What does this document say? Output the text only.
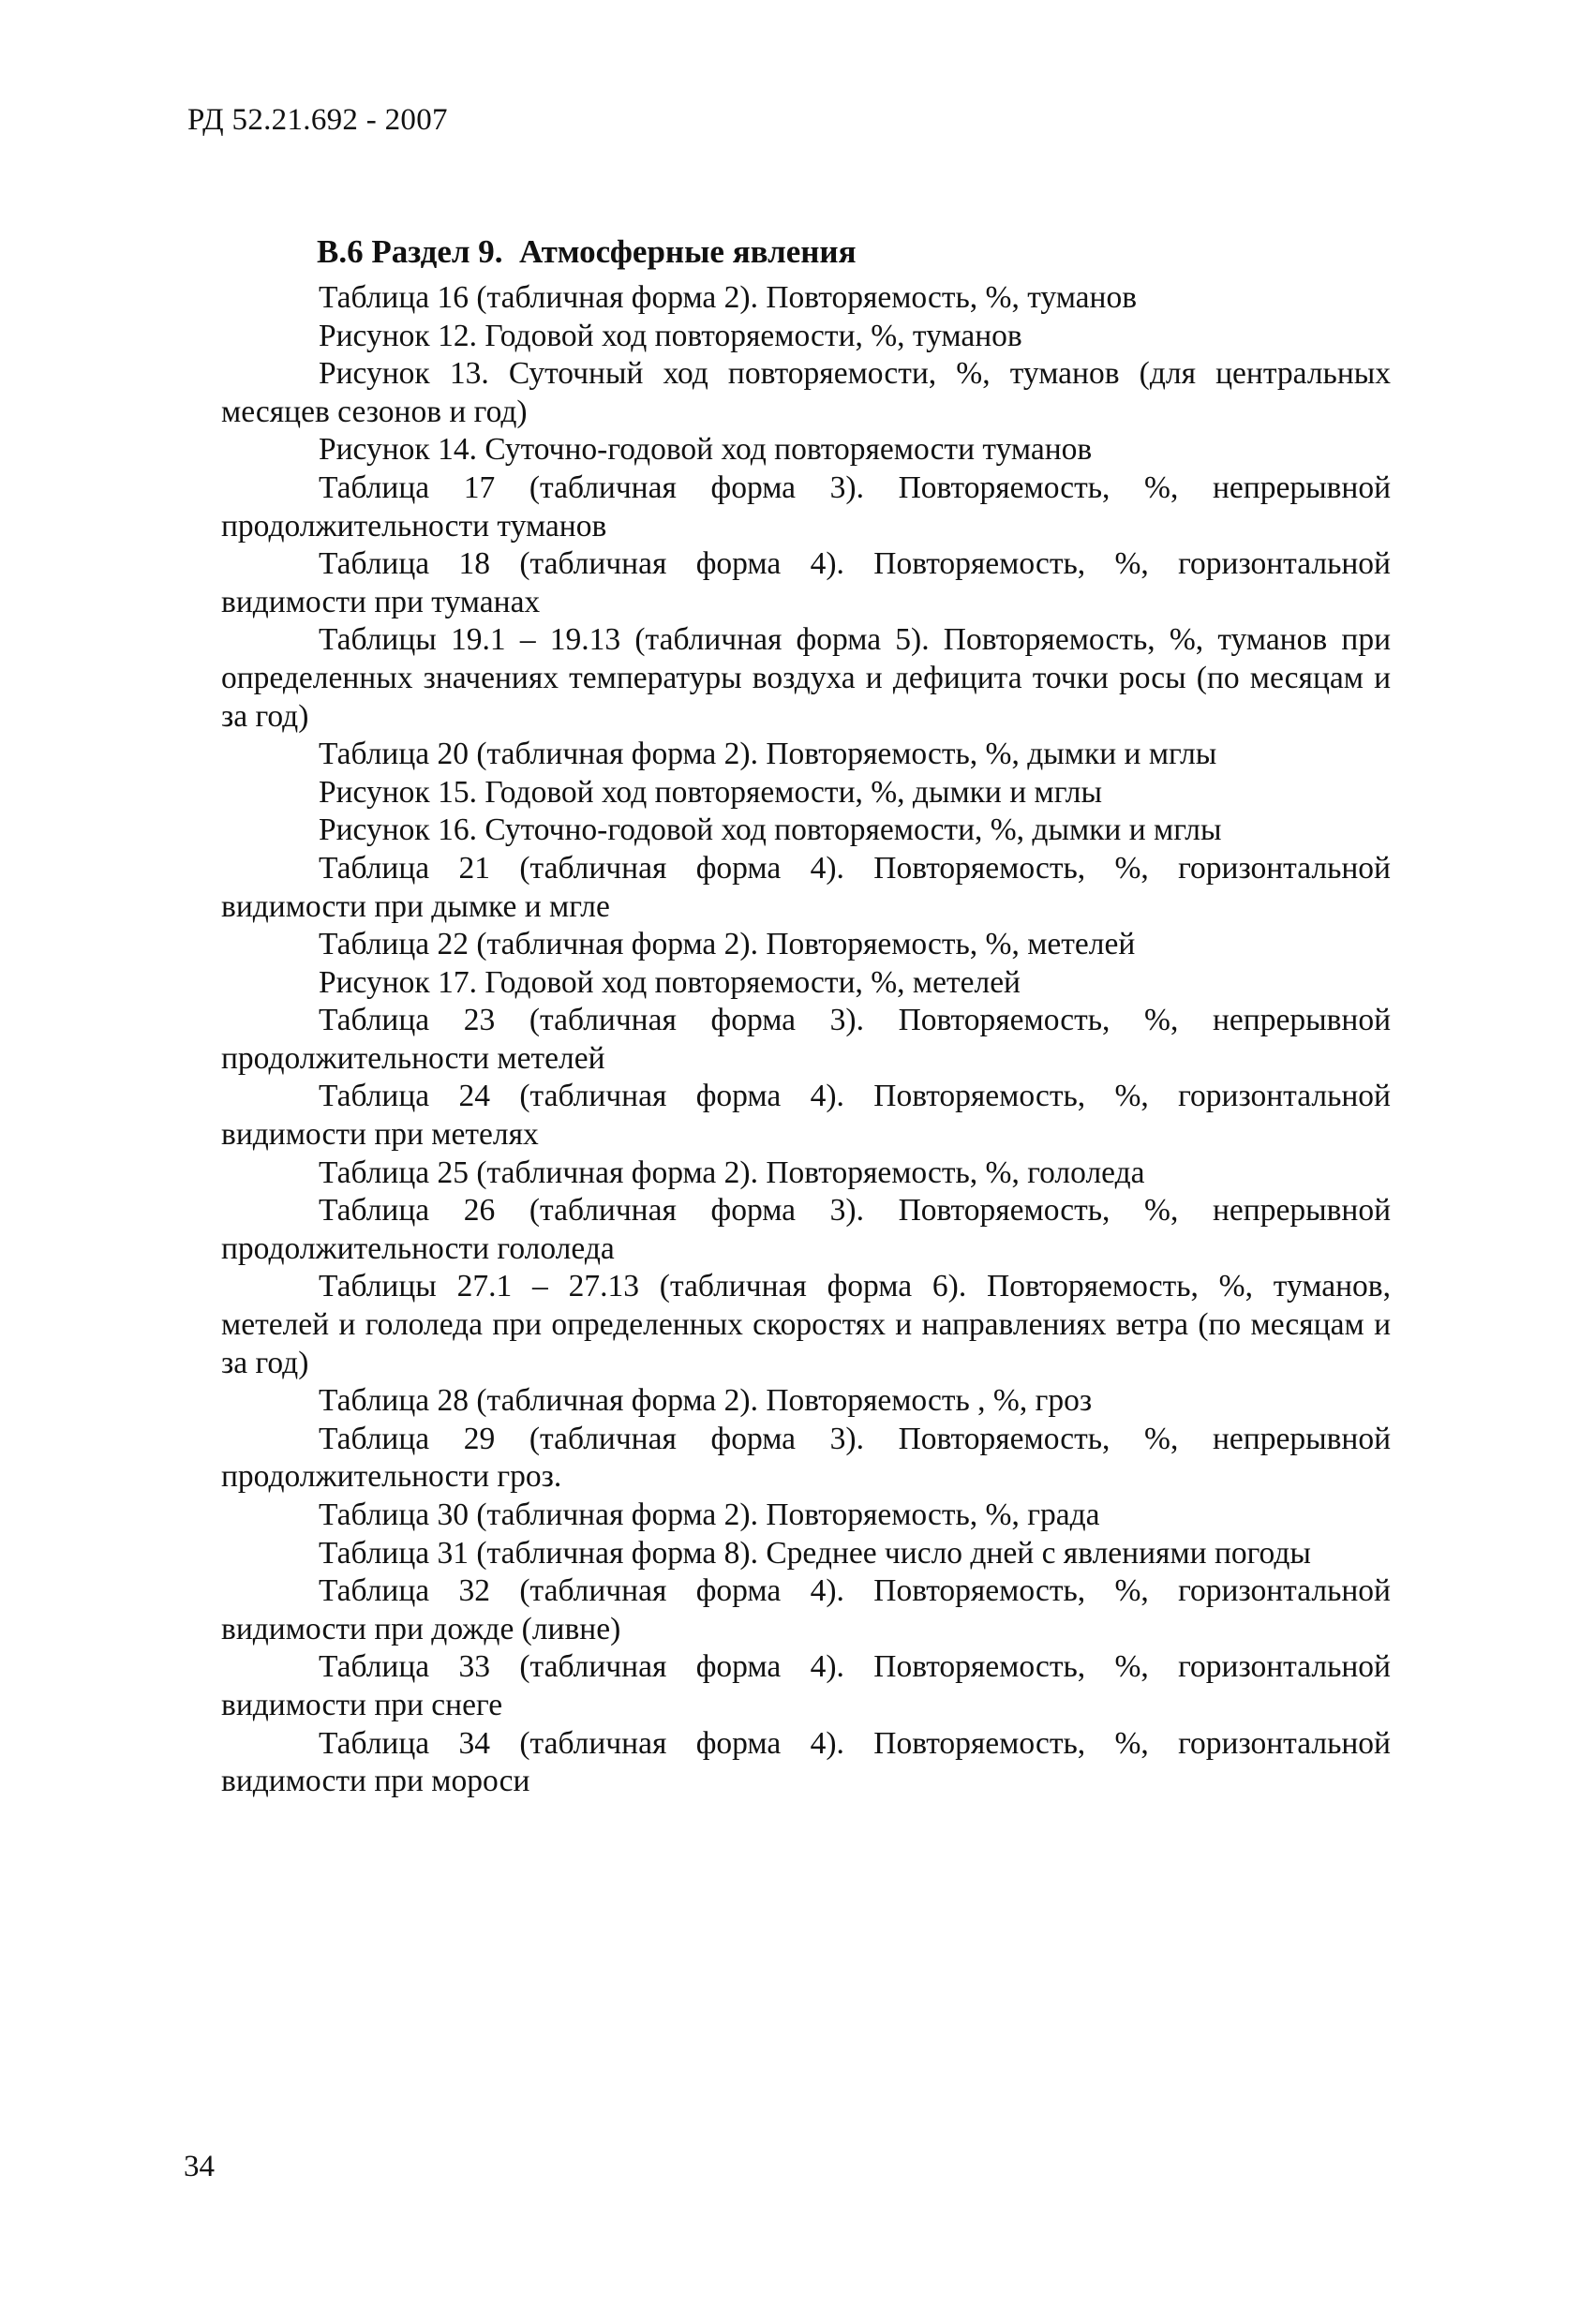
РД 52.21.692 - 2007
В.6 Раздел 9.  Атмосферные явления

Таблица 16 (табличная форма 2). Повторяемость, %, туманов

Рисунок 12. Годовой ход повторяемости, %, туманов

Рисунок 13. Суточный ход повторяемости, %, туманов (для центральных месяцев сезонов и год)

Рисунок 14. Суточно-годовой ход повторяемости туманов

Таблица 17 (табличная форма 3). Повторяемость, %, непрерывной продолжительности туманов

Таблица 18 (табличная форма 4). Повторяемость, %, горизонтальной видимости при туманах

Таблицы 19.1 – 19.13 (табличная форма 5). Повторяемость, %, туманов при определенных значениях температуры воздуха и дефицита точки росы (по месяцам и за год)

Таблица 20 (табличная форма 2). Повторяемость, %, дымки и мглы

Рисунок 15. Годовой ход повторяемости, %, дымки и мглы

Рисунок 16. Суточно-годовой ход повторяемости, %, дымки и мглы

Таблица 21 (табличная форма 4). Повторяемость, %, горизонтальной видимости при дымке и мгле

Таблица 22 (табличная форма 2). Повторяемость, %, метелей

Рисунок 17. Годовой ход повторяемости, %, метелей

Таблица 23 (табличная форма 3). Повторяемость, %, непрерывной продолжительности метелей

Таблица 24 (табличная форма 4). Повторяемость, %, горизонтальной видимости при метелях

Таблица 25 (табличная форма 2). Повторяемость, %, гололеда

Таблица 26 (табличная форма 3). Повторяемость, %, непрерывной продолжительности гололеда

Таблицы 27.1 – 27.13 (табличная форма 6). Повторяемость, %, туманов, метелей и гололеда при определенных скоростях и направлениях ветра (по месяцам и за год)

Таблица 28 (табличная форма 2). Повторяемость , %, гроз

Таблица 29 (табличная форма 3). Повторяемость, %, непрерывной продолжительности гроз.

Таблица 30 (табличная форма 2). Повторяемость, %, града

Таблица 31 (табличная форма 8). Среднее число дней с явлениями погоды

Таблица 32 (табличная форма 4). Повторяемость, %, горизонтальной видимости при дожде (ливне)

Таблица 33 (табличная форма 4). Повторяемость, %, горизонтальной видимости при снеге

Таблица 34 (табличная форма 4). Повторяемость, %, горизонтальной видимости при мороси

34
